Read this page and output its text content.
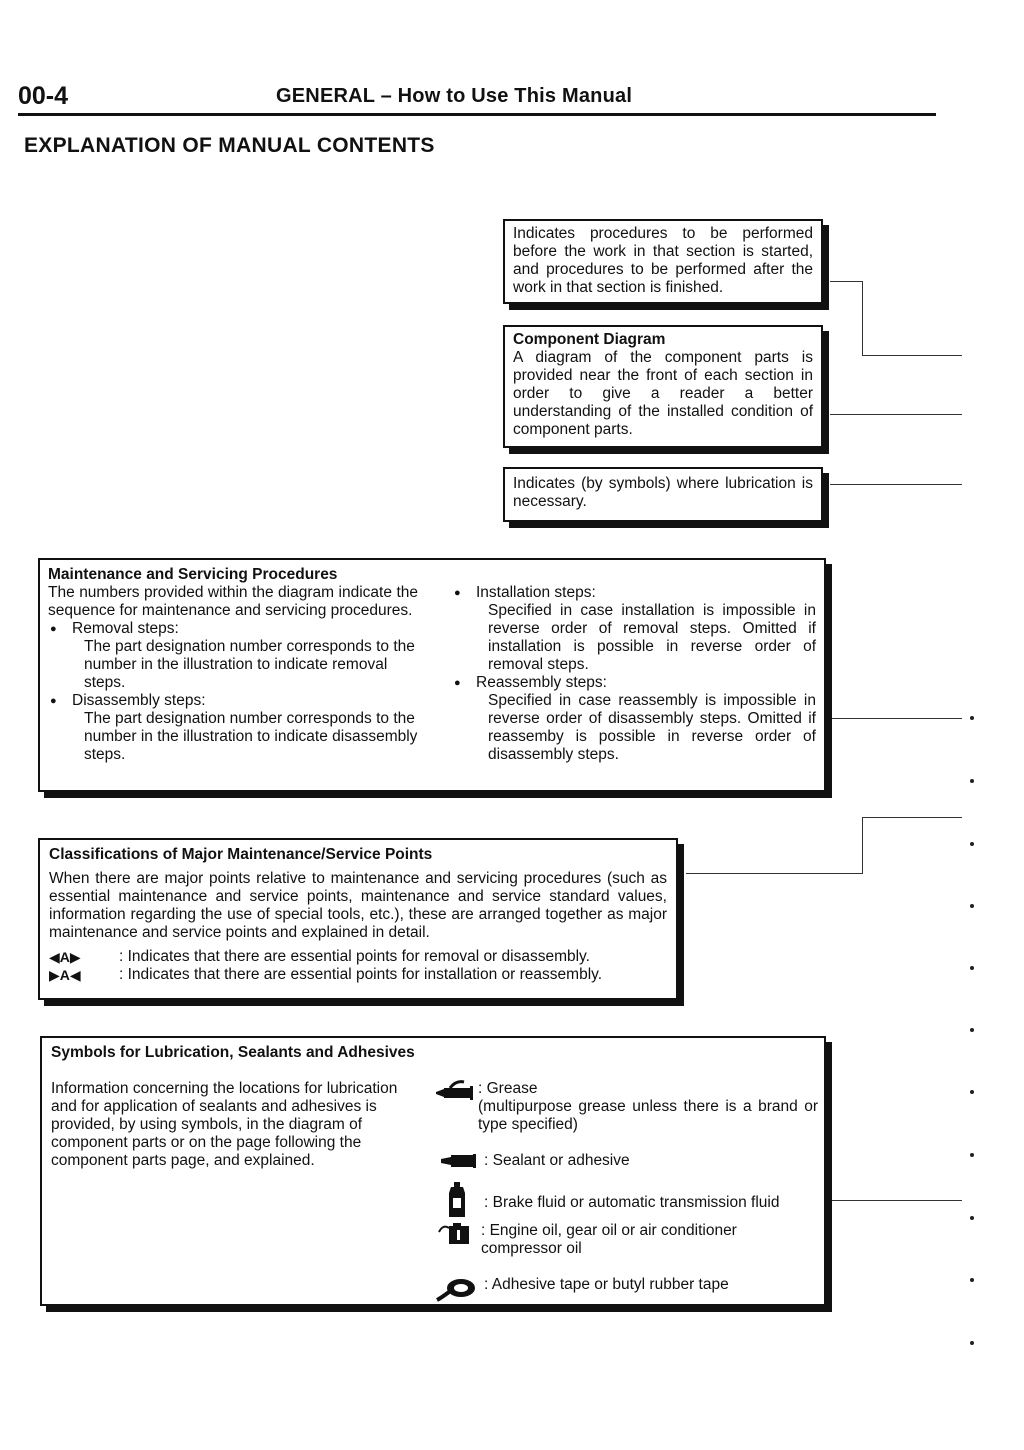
00-4	GENERAL – How to Use This Manual
EXPLANATION OF MANUAL CONTENTS
Indicates procedures to be performed before the work in that section is started, and procedures to be performed after the work in that section is finished.
Component Diagram
A diagram of the component parts is provided near the front of each section in order to give a reader a better understanding of the installed condition of component parts.
Indicates (by symbols) where lubrication is necessary.
Maintenance and Servicing Procedures
The numbers provided within the diagram indicate the sequence for maintenance and servicing procedures.
● Removal steps:
The part designation number corresponds to the number in the illustration to indicate removal steps.
● Disassembly steps:
The part designation number corresponds to the number in the illustration to indicate disassembly steps.
● Installation steps:
Specified in case installation is impossible in reverse order of removal steps. Omitted if installation is possible in reverse order of removal steps.
● Reassembly steps:
Specified in case reassembly is impossible in reverse order of disassembly steps. Omitted if reassemby is possible in reverse order of disassembly steps.
Classifications of Major Maintenance/Service Points
When there are major points relative to maintenance and servicing procedures (such as essential maintenance and service points, maintenance and service standard values, information regarding the use of special tools, etc.), these are arranged together as major maintenance and service points and explained in detail.
◀A▶	: Indicates that there are essential points for removal or disassembly.
▶A◀	: Indicates that there are essential points for installation or reassembly.
Symbols for Lubrication, Sealants and Adhesives
Information concerning the locations for lubrication and for application of sealants and adhesives is provided, by using symbols, in the diagram of component parts or on the page following the component parts page, and explained.
: Grease
(multipurpose grease unless there is a brand or type specified)
: Sealant or adhesive
: Brake fluid or automatic transmission fluid
: Engine oil, gear oil or air conditioner compressor oil
: Adhesive tape or butyl rubber tape
